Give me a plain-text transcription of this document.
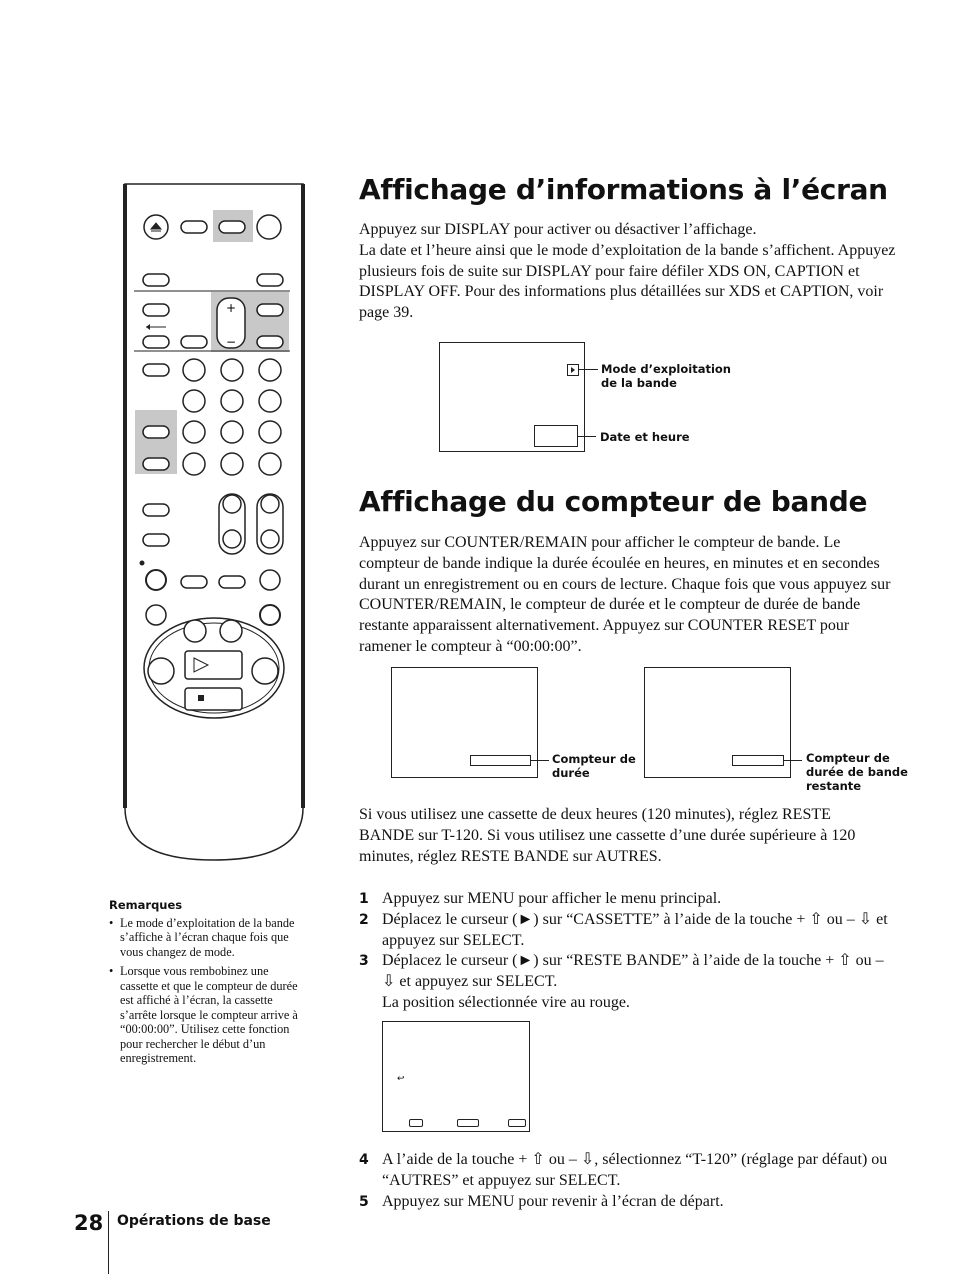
+
−
Affichage d’informations à l’écran

Appuyez sur DISPLAY pour activer ou désactiver l’affichage.
La date et l’heure ainsi que le mode d’exploitation de la bande s’affichent. Appuyez plusieurs fois de suite sur DISPLAY pour faire défiler XDS ON, CAPTION et DISPLAY OFF. Pour des informations plus détaillées sur XDS et CAPTION, voir page 39.

Mode d’exploitation de la bande
Date et heure
Affichage du compteur de bande

Appuyez sur COUNTER/REMAIN pour afficher le compteur de bande. Le compteur de bande indique la durée écoulée en heures, en minutes et en secondes durant un enregistrement ou en cours de lecture. Chaque fois que vous appuyez sur COUNTER/REMAIN, le compteur de durée et le compteur de durée de bande restante apparaissent alternativement. Appuyez sur COUNTER RESET pour ramener le compteur à “00:00:00”.

Compteur de durée
Compteur de durée de bande restante

Si vous utilisez une cassette de deux heures (120 minutes), réglez RESTE BANDE sur T-120. Si vous utilisez une cassette d’une durée supérieure à 120 minutes, réglez RESTE BANDE sur AUTRES.

1 Appuyez sur MENU pour afficher le menu principal.
2 Déplacez le curseur (►) sur “CASSETTE” à l’aide de la touche + ⇧ ou – ⇩ et appuyez sur SELECT.
3 Déplacez le curseur (►) sur “RESTE BANDE” à l’aide de la touche + ⇧ ou – ⇩ et appuyez sur SELECT.
La position sélectionnée vire au rouge.
↩
4 A l’aide de la touche + ⇧ ou – ⇩, sélectionnez “T-120” (réglage par défaut) ou “AUTRES” et appuyez sur SELECT.
5 Appuyez sur MENU pour revenir à l’écran de départ.
Remarques
• Le mode d’exploitation de la bande s’affiche à l’écran chaque fois que vous changez de mode.
• Lorsque vous rembobinez une cassette et que le compteur de durée est affiché à l’écran, la cassette s’arrête lorsque le compteur arrive à “00:00:00”. Utilisez cette fonction pour rechercher le début d’un enregistrement.
28 Opérations de base
